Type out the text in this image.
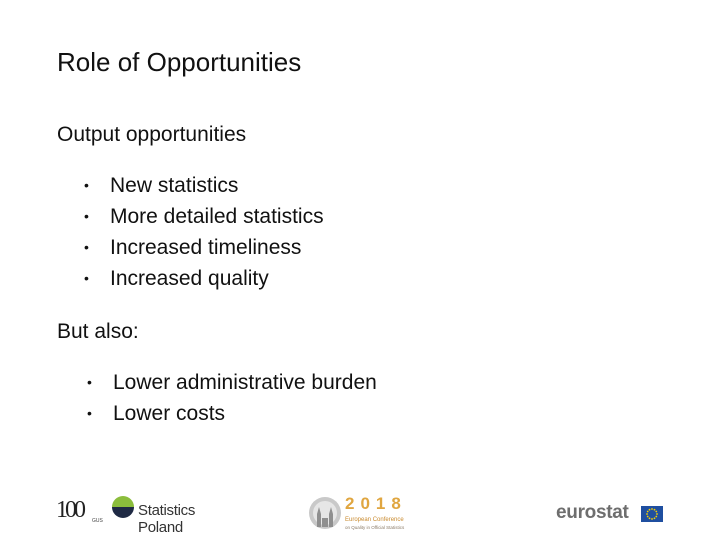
Role of Opportunities
Output opportunities
• New statistics
• More detailed statistics
• Increased timeliness
• Increased quality
But also:
• Lower administrative burden
• Lower costs
100 GUS
Statistics Poland
2018
European Conference
on Quality in Official Statistics
eurostat
